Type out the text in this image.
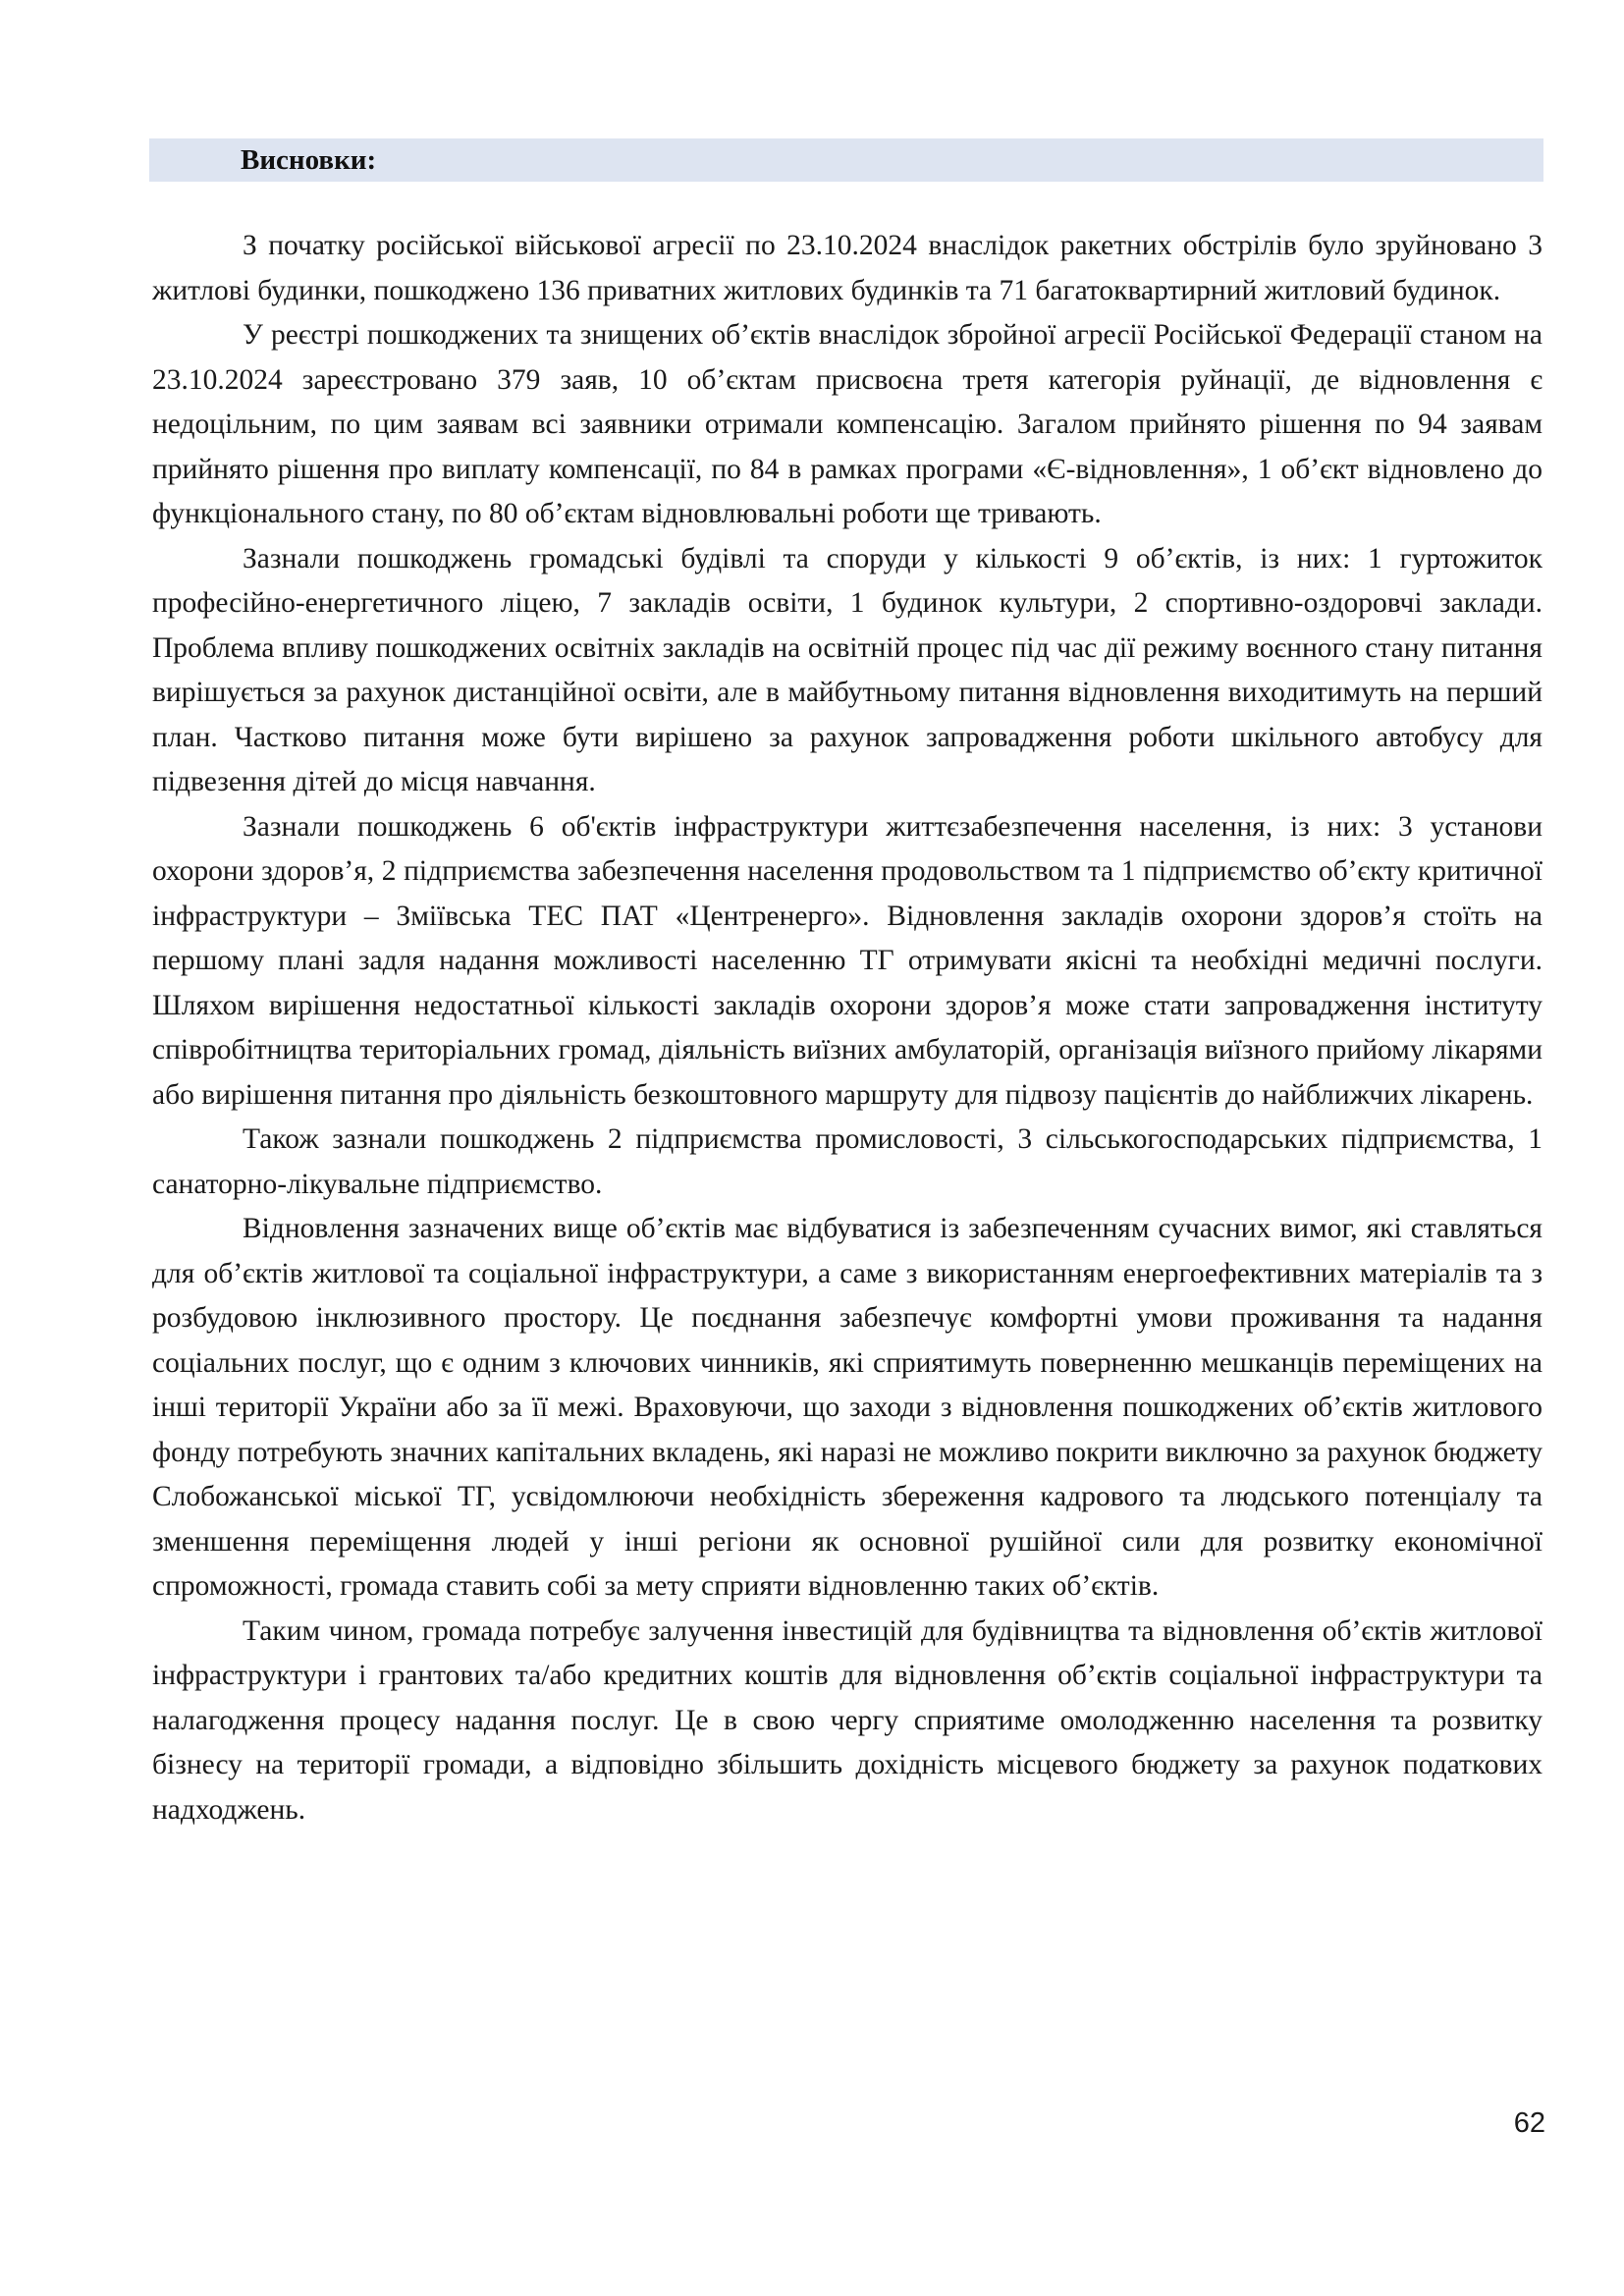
Висновки:

З початку російської військової агресії по 23.10.2024 внаслідок ракетних обстрілів було зруйновано 3 житлові будинки, пошкоджено 136 приватних житлових будинків та 71 багатоквартирний житловий будинок.

У реєстрі пошкоджених та знищених об’єктів внаслідок збройної агресії Російської Федерації станом на 23.10.2024 зареєстровано 379 заяв, 10 об’єктам присвоєна третя категорія руйнації, де відновлення є недоцільним, по цим заявам всі заявники отримали компенсацію. Загалом прийнято рішення по 94 заявам прийнято рішення про виплату компенсації, по 84 в рамках програми «Є-відновлення», 1 об’єкт відновлено до функціонального стану, по 80 об’єктам відновлювальні роботи ще тривають.

Зазнали пошкоджень громадські будівлі та споруди у кількості 9 об’єктів, із них: 1 гуртожиток професійно-енергетичного ліцею, 7 закладів освіти, 1 будинок культури, 2 спортивно-оздоровчі заклади. Проблема впливу пошкоджених освітніх закладів на освітній процес під час дії режиму воєнного стану питання вирішується за рахунок дистанційної освіти, але в майбутньому питання відновлення виходитимуть на перший план. Частково питання може бути вирішено за рахунок запровадження роботи шкільного автобусу для підвезення дітей до місця навчання.

Зазнали пошкоджень 6 об'єктів інфраструктури життєзабезпечення населення, із них: 3 установи охорони здоров’я, 2 підприємства забезпечення населення продовольством та 1 підприємство об’єкту критичної інфраструктури – Зміївська ТЕС ПАТ «Центренерго». Відновлення закладів охорони здоров’я стоїть на першому плані задля надання можливості населенню ТГ отримувати якісні та необхідні медичні послуги. Шляхом вирішення недостатньої кількості закладів охорони здоров’я може стати запровадження інституту співробітництва територіальних громад, діяльність виїзних амбулаторій, організація виїзного прийому лікарями або вирішення питання про діяльність безкоштовного маршруту для підвозу пацієнтів до найближчих лікарень.

Також зазнали пошкоджень 2 підприємства промисловості, 3 сільськогосподарських підприємства, 1 санаторно-лікувальне підприємство.

Відновлення зазначених вище об’єктів має відбуватися із забезпеченням сучасних вимог, які ставляться для об’єктів житлової та соціальної інфраструктури, а саме з використанням енергоефективних матеріалів та з розбудовою інклюзивного простору. Це поєднання забезпечує комфортні умови проживання та надання соціальних послуг, що є одним з ключових чинників, які сприятимуть поверненню мешканців переміщених на інші території України або за її межі. Враховуючи, що заходи з відновлення пошкоджених об’єктів житлового фонду потребують значних капітальних вкладень, які наразі не можливо покрити виключно за рахунок бюджету Слобожанської міської ТГ, усвідомлюючи необхідність збереження кадрового та людського потенціалу та зменшення переміщення людей у інші регіони як основної рушійної сили для розвитку економічної спроможності, громада ставить собі за мету сприяти відновленню таких об’єктів.

Таким чином, громада потребує залучення інвестицій для будівництва та відновлення об’єктів житлової інфраструктури і грантових та/або кредитних коштів для відновлення об’єктів соціальної інфраструктури та налагодження процесу надання послуг. Це в свою чергу сприятиме омолодженню населення та розвитку бізнесу на території громади, а відповідно збільшить дохідність місцевого бюджету за рахунок податкових надходжень.

62
